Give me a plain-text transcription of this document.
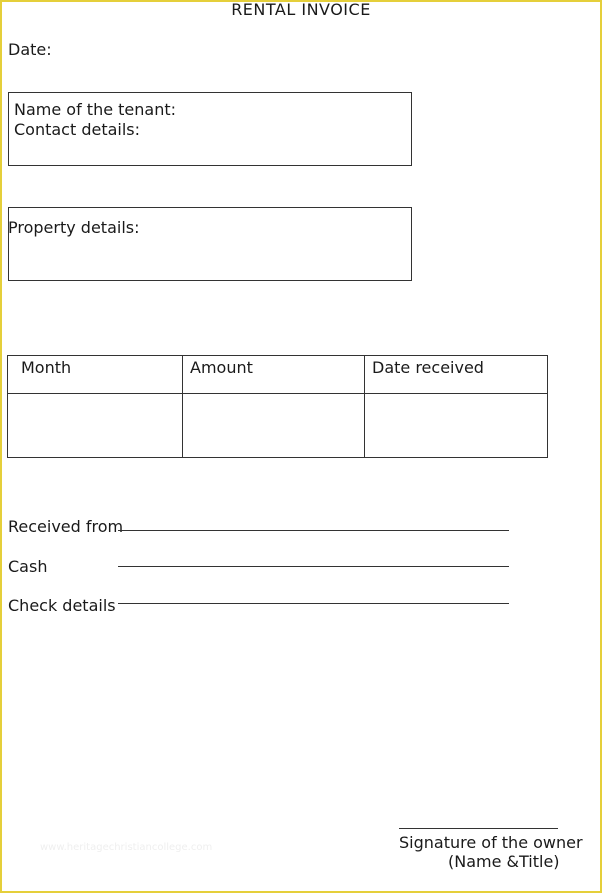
RENTAL INVOICE
Date:
Name of the tenant:
Contact details:
Property details:
Month	Amount	Date received

Received from
Cash
Check details
Signature of the owner
(Name &Title)
www.heritagechristiancollege.com
